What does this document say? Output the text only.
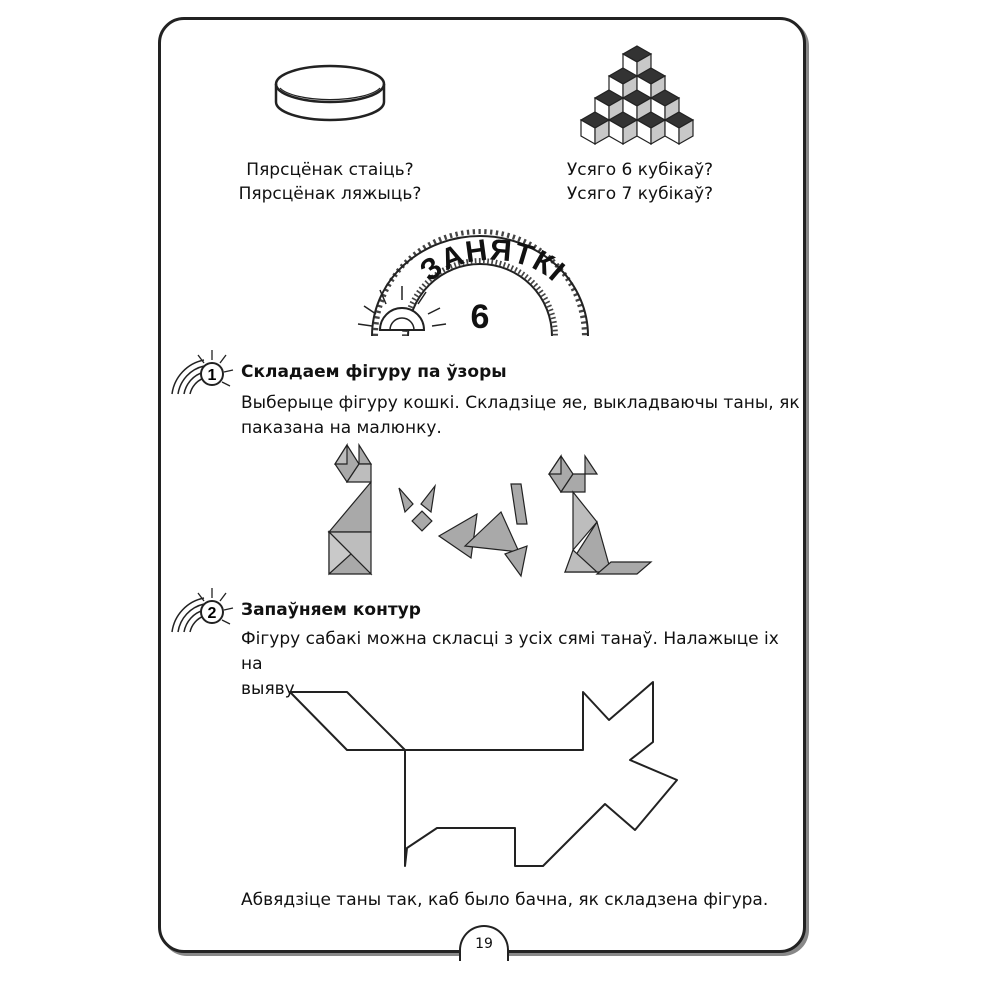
Пярсцёнак стаіць?
Пярсцёнак ляжыць?
Усяго 6 кубікаў?
Усяго 7 кубікаў?
ЗАНЯТКІ
6
1 Складаем фігуру па ўзоры
Выберыце фігуру кошкі. Складзіце яе, выкладваючы таны, як
паказана на малюнку.
2 Запаўняем контур
Фігуру сабакі можна скласці з усіх сямі танаў. Налажыце іх на
выяву.
Абвядзіце таны так, каб было бачна, як складзена фігура.
19
